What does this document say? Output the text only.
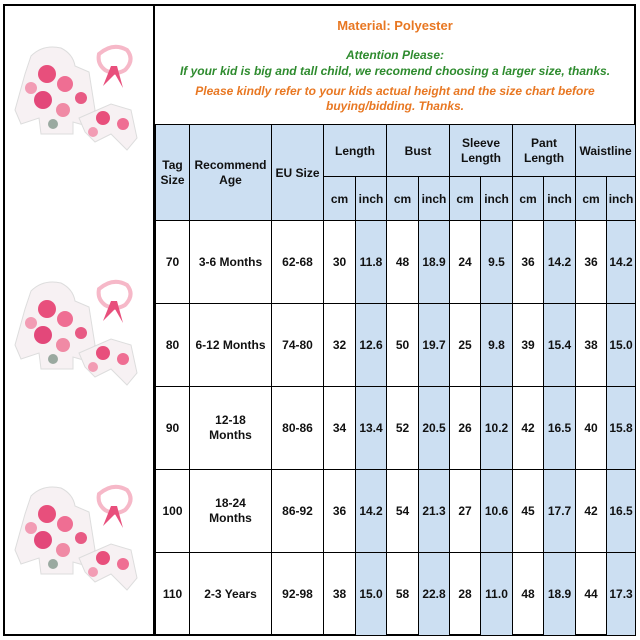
Material: Polyester
Attention Please:
If your kid is big and tall child, we recomend choosing a larger size, thanks.
Please kindly refer to your kids actual height and the size chart before buying/bidding. Thanks.
Tag Size	Recommend Age	EU Size	Length		Bust		Sleeve Length		Pant Length		Waistline	
			cm	inch	cm	inch	cm	inch	cm	inch	cm	inch
70	3-6 Months	62-68	30	11.8	48	18.9	24	9.5	36	14.2	36	14.2
80	6-12 Months	74-80	32	12.6	50	19.7	25	9.8	39	15.4	38	15.0
90	12-18 Months	80-86	34	13.4	52	20.5	26	10.2	42	16.5	40	15.8
100	18-24 Months	86-92	36	14.2	54	21.3	27	10.6	45	17.7	42	16.5
110	2-3 Years	92-98	38	15.0	58	22.8	28	11.0	48	18.9	44	17.3
